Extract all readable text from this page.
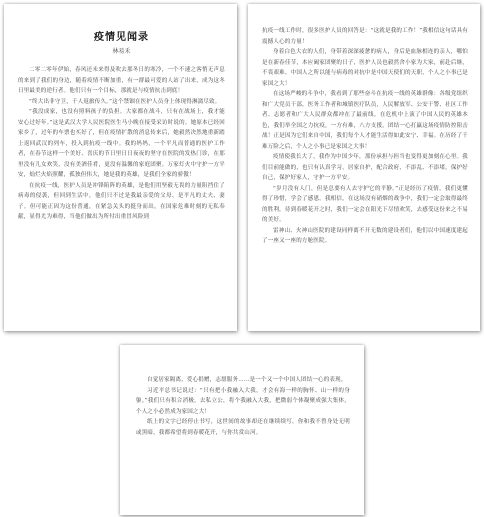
疫情见闻录
林易禾

二零二零年伊始，春风还未来得及吹去那冬日的寒冷，一个不速之客悄无声息的来到了我们的身边，随着疫情不断加重，有一群最可爱的人站了出来，成为这冬日里最美的逆行者。他们只有一个目标，那就是与疫情抗击到底！

“终大出非守卫，千人返旅传久。”这个禁锢在医护人员身上体现得淋漓尽致。

“我没成家，也没有照料孩子的负担。大家都在战斗，只有在战场上，我才能安心过好年。”这是武汉大学人民医院医生马小晚在接受采访时说的。她原本已经回家乡了，过年的车票也买好了，但在疫情扩散的消息传来后，她毅然决然地重新踏上返回武汉的列车，投入到抗疫一线中。我的妈妈，一个平凡而普通的医护工作者，在春节这样一个美好、喜庆的节日里日日夜夜的坚守在医院的发热门诊，在那里没有儿女欢笑，没有美酒佳肴，更没有温馨的家庭团聚。万家灯火中守护一方平安，灿烂火焰照耀，孤独但伟大，她是我的英雄，是我们全家的骄傲！

在抗疫一线，医护人员是冲锋陷阵的英雄，是他们用坚毅无畏的力量阻挡住了病毒的侵袭，但回到生活中，他们只不过是我最亲爱的父母、是平凡的丈夫、妻子。但可能正因为这份普通，在紧急关头的挺身而出，在国家危难时刻的无私奉献，显得尤为难得，当他们做出为所付出重冒风险到

抗疫一线工作时，很多医护人员的回答是：“这就是我的工作！”我相信这句话具有震撼人心的力量！

身着白色大衣的人们，身带着深深疲惫的病人，身后是血脉相连的亲人，哪怕是在新春佳节，本应阖家团聚的日子，医护人员也毅然舍小家为大家，前赴后继，不畏艰难。中国人之所以能与病毒的对抗中是中国天使们的天职，个人之小事已是家国之大！

在这场严峻的斗争中，我看到了那些奋斗在抗疫一线的英雄群像：各级党组织和广大党员干部，医务工作者和城镇医疗队员，人民解放军、公安干警、社区工作者、志愿者和广大人民群众都冲在了最前线。在危机中上演了中国人民的英雄本色，我们举全国之力抗疫，一方有难，八方支援，团结一心打赢这场疫情防控阻击战！正是因为它们来自中国，我们每个人才能生活得如此安宁、幸福。在历经了千难万险之后，个人之小事已是家国之大事！

疫情使我长大了，我作为中国少年，那份承担与担当也变得更加刻在心里。我们目前能做的，也只有认真学习，居家自护，配合政府，不添乱、不添堵，保护好自己，保护好家人，守护一方平安。

“岁月没有人门，但是总要有人去守护它的平静。”正是经历了疫情，我们更懂得了珍惜，学会了感恩。我相信，在这场没有硝烟的战争中，我们一定会取得最终的胜利。待到春暖花开之时，我们一定会在阳光下尽情欢笑，去感受这份来之不易的美好。

雷神山、火神山医院的建设同样离不开无数的建设者们，他们以中国速度建起了一座又一座的方舱医院。

自觉居家隔离，爱心捐赠，志愿服务……是一个又一个中国人团结一心的表现。

习近平总书记说过：“只有把小我融入大我，才会有海一样的胸怀、山一样的身躯。”我们只有积合消极，去私立公，将个我融入大我，把微弱个体凝聚成强大集体，个人之小必然成为家国之大！

纸上的文字已经停止书写，这世间的故事却还在继续续写。你和我不曾身处无明或黑暗，我都希望将到春暖花开，与你共赏山河。
